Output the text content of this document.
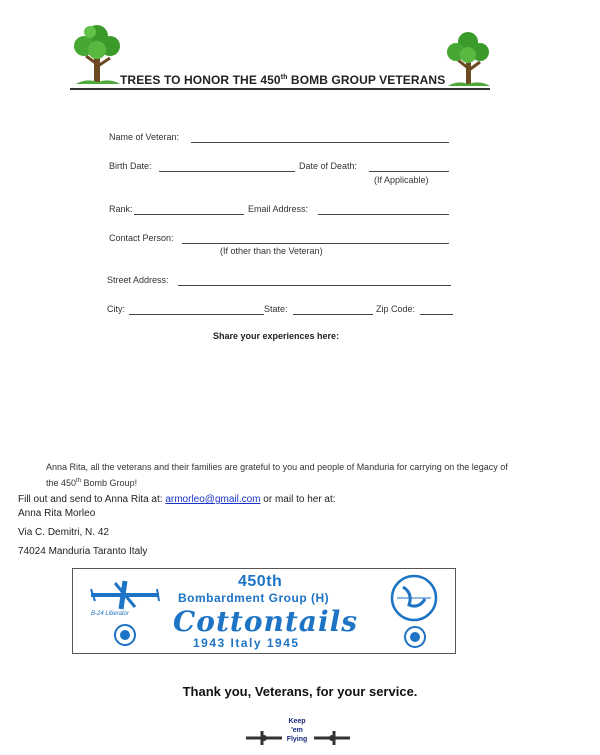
TREES TO HONOR THE 450th BOMB GROUP VETERANS
Name of Veteran:
Birth Date:	Date of Death:
(If Applicable)
Rank:	Email Address:
Contact Person:
(If other than the Veteran)
Street Address:
City:	State:	Zip Code:
Share your experiences here:
Anna Rita, all the veterans and their families are grateful to you and people of Manduria for carrying on the legacy of the 450th Bomb Group!
Fill out and send to Anna Rita at: armorleo@gmail.com or mail to her at:
Anna Rita Morleo
Via C. Demitri, N. 42
74024 Manduria Taranto Italy
B-24 Liberator
450th
Bombardment Group (H)
Cottontails
1943 Italy 1945
Thank you, Veterans, for your service.
Keep
'em
Flying
